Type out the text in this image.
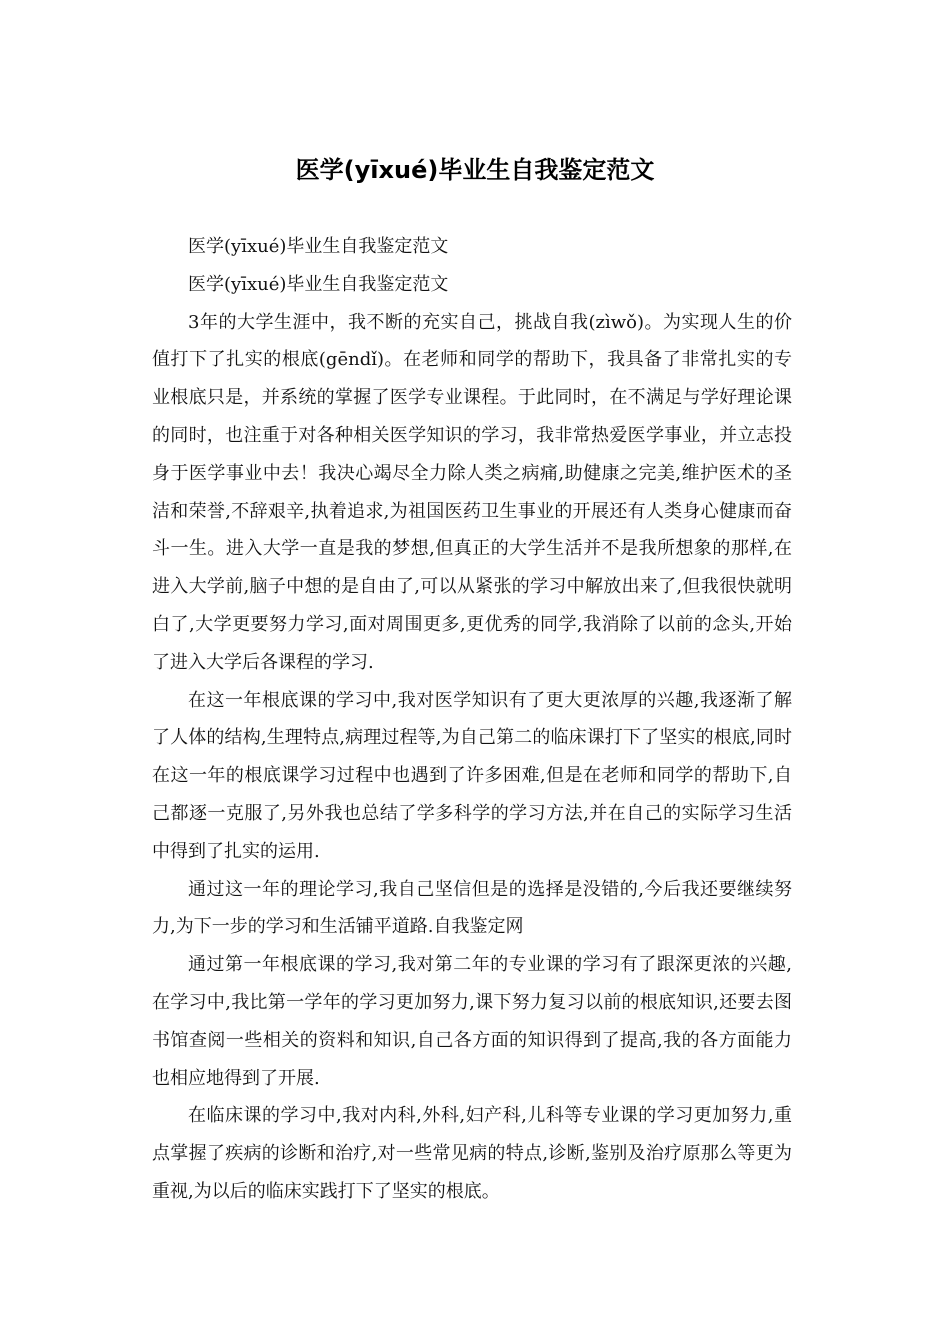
医学(yīxué)毕业生自我鉴定范文

医学(yīxué)毕业生自我鉴定范文

医学(yīxué)毕业生自我鉴定范文

3年的大学生涯中，我不断的充实自己，挑战自我(zìwǒ)。为实现人生的价值打下了扎实的根底(gēndǐ)。在老师和同学的帮助下，我具备了非常扎实的专业根底只是，并系统的掌握了医学专业课程。于此同时，在不满足与学好理论课的同时，也注重于对各种相关医学知识的学习，我非常热爱医学事业，并立志投身于医学事业中去！我决心竭尽全力除人类之病痛,助健康之完美,维护医术的圣洁和荣誉,不辞艰辛,执着追求,为祖国医药卫生事业的开展还有人类身心健康而奋斗一生。进入大学一直是我的梦想,但真正的大学生活并不是我所想象的那样,在进入大学前,脑子中想的是自由了,可以从紧张的学习中解放出来了,但我很快就明白了,大学更要努力学习,面对周围更多,更优秀的同学,我消除了以前的念头,开始了进入大学后各课程的学习.

在这一年根底课的学习中,我对医学知识有了更大更浓厚的兴趣,我逐渐了解了人体的结构,生理特点,病理过程等,为自己第二的临床课打下了坚实的根底,同时在这一年的根底课学习过程中也遇到了许多困难,但是在老师和同学的帮助下,自己都逐一克服了,另外我也总结了学多科学的学习方法,并在自己的实际学习生活中得到了扎实的运用.

通过这一年的理论学习,我自己坚信但是的选择是没错的,今后我还要继续努力,为下一步的学习和生活铺平道路.自我鉴定网

通过第一年根底课的学习,我对第二年的专业课的学习有了跟深更浓的兴趣,在学习中,我比第一学年的学习更加努力,课下努力复习以前的根底知识,还要去图书馆查阅一些相关的资料和知识,自己各方面的知识得到了提高,我的各方面能力也相应地得到了开展.

在临床课的学习中,我对内科,外科,妇产科,儿科等专业课的学习更加努力,重点掌握了疾病的诊断和治疗,对一些常见病的特点,诊断,鉴别及治疗原那么等更为重视,为以后的临床实践打下了坚实的根底。
